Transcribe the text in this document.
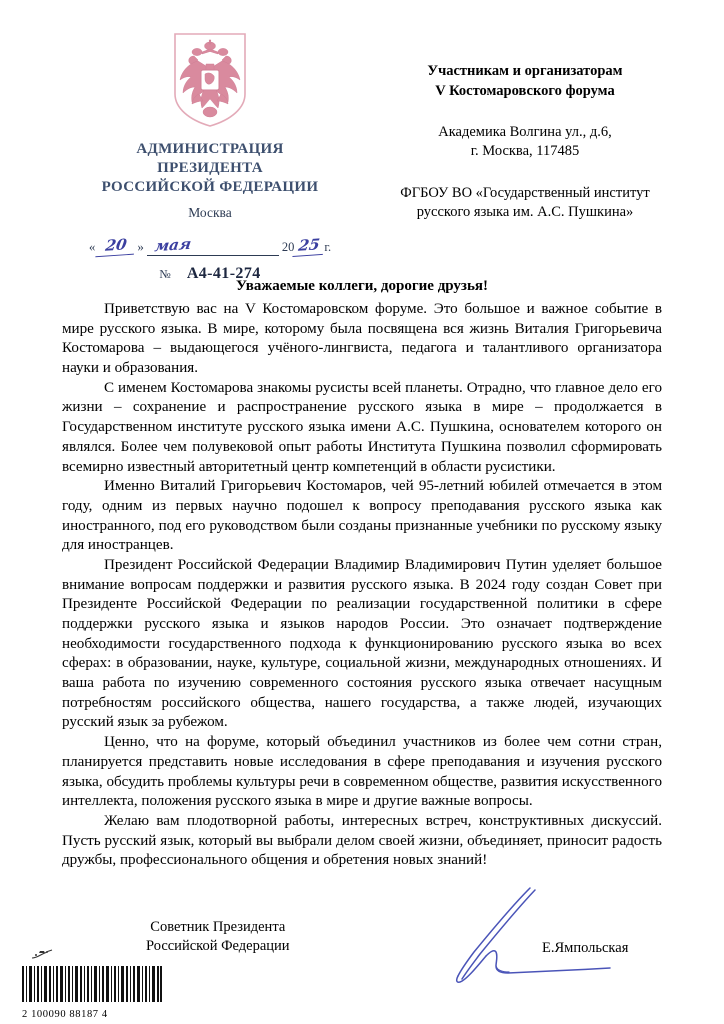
АДМИНИСТРАЦИЯ
ПРЕЗИДЕНТА
РОССИЙСКОЙ ФЕДЕРАЦИИ
Москва
« 20 » мая	20 25 г.
№ A4-41-274
Участникам и организаторам
V Костомаровского форума
Академика Волгина ул., д.6,
г. Москва, 117485
ФГБОУ ВО «Государственный институт
русского языка им. А.С. Пушкина»
Уважаемые коллеги, дорогие друзья!

Приветствую вас на V Костомаровском форуме. Это большое и важное событие в мире русского языка. В мире, которому была посвящена вся жизнь Виталия Григорьевича Костомарова – выдающегося учёного-лингвиста, педагога и талантливого организатора науки и образования.

С именем Костомарова знакомы русисты всей планеты. Отрадно, что главное дело его жизни – сохранение и распространение русского языка в мире – продолжается в Государственном институте русского языка имени А.С. Пушкина, основателем которого он являлся. Более чем полувековой опыт работы Института Пушкина позволил сформировать всемирно известный авторитетный центр компетенций в области русистики.

Именно Виталий Григорьевич Костомаров, чей 95-летний юбилей отмечается в этом году, одним из первых научно подошел к вопросу преподавания русского языка как иностранного, под его руководством были созданы признанные учебники по русскому языку для иностранцев.

Президент Российской Федерации Владимир Владимирович Путин уделяет большое внимание вопросам поддержки и развития русского языка. В 2024 году создан Совет при Президенте Российской Федерации по реализации государственной политики в сфере поддержки русского языка и языков народов России. Это означает подтверждение необходимости государственного подхода к функционированию русского языка во всех сферах: в образовании, науке, культуре, социальной жизни, международных отношениях. И ваша работа по изучению современного состояния русского языка отвечает насущным потребностям российского общества, нашего государства, а также людей, изучающих русский язык за рубежом.

Ценно, что на форуме, который объединил участников из более чем сотни стран, планируется представить новые исследования в сфере преподавания и изучения русского языка, обсудить проблемы культуры речи в современном обществе, развития искусственного интеллекта, положения русского языка в мире и другие важные вопросы.

Желаю вам плодотворной работы, интересных встреч, конструктивных дискуссий. Пусть русский язык, который вы выбрали делом своей жизни, объединяет, приносит радость дружбы, профессионального общения и обретения новых знаний!

Советник Президента
Российской Федерации	Е.Ямпольская

2 100090 88187 4
